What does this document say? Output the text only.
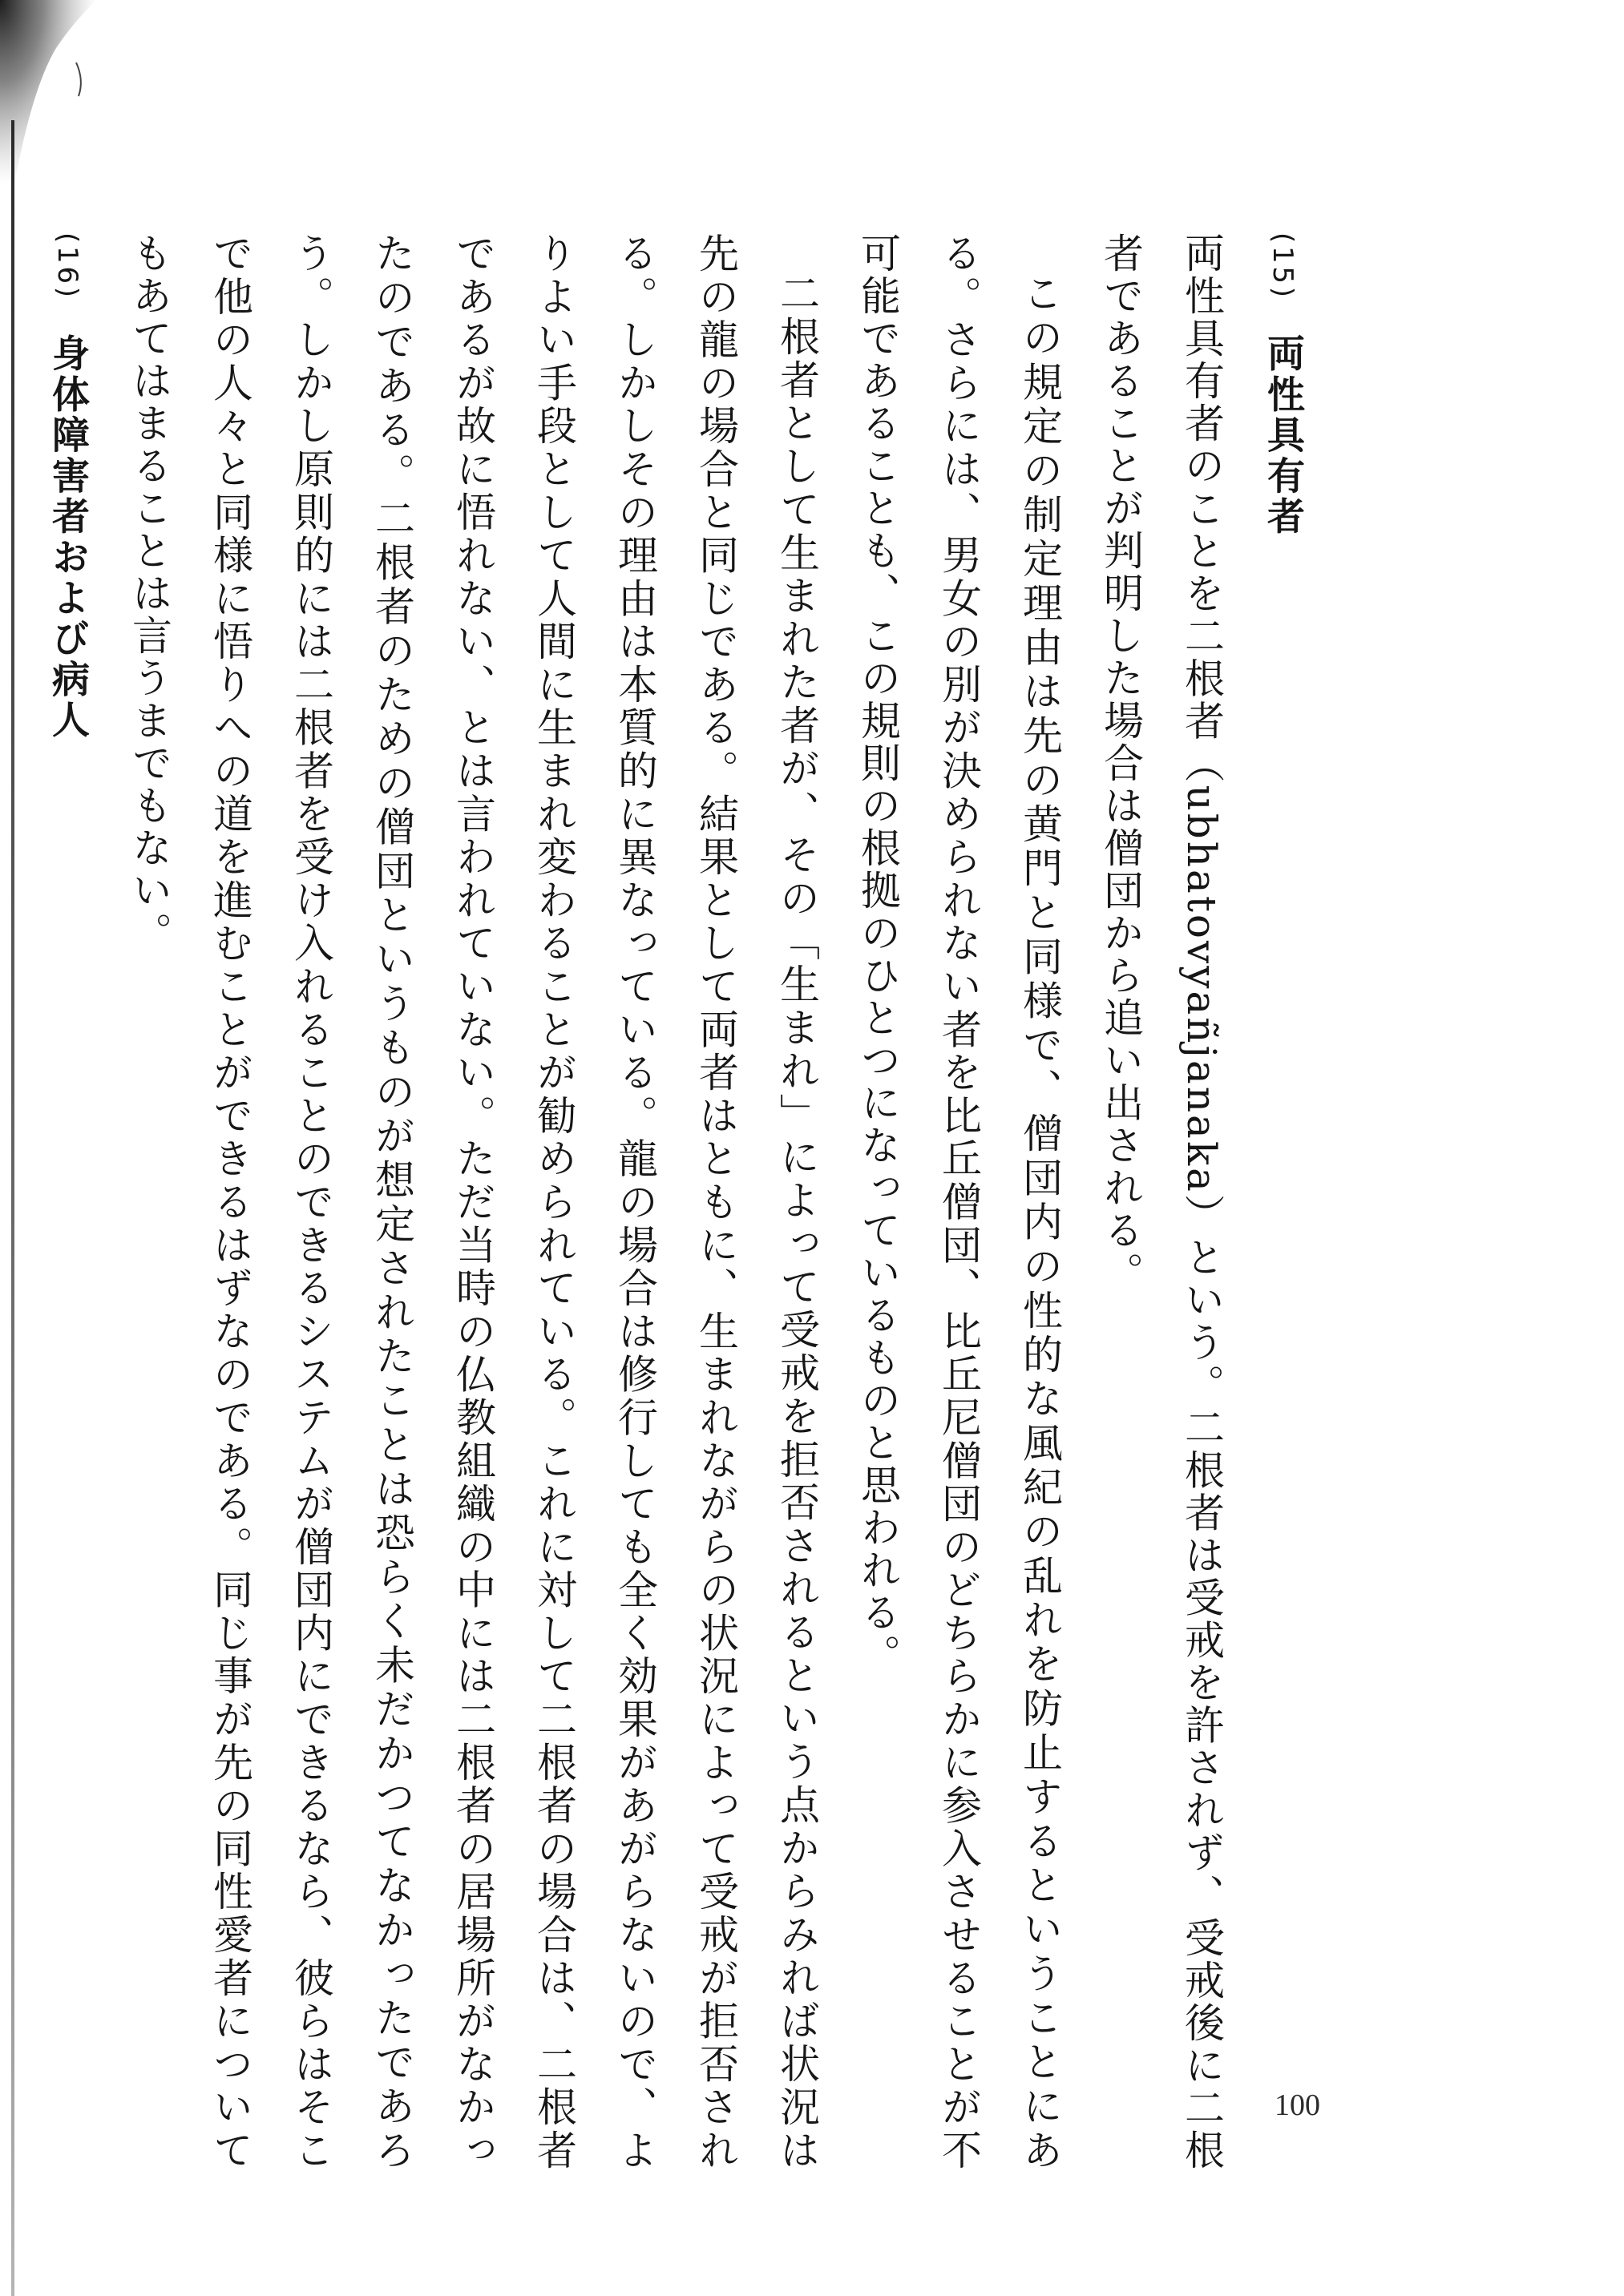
(15)両性具有者

両性具有者のことを二根者（ubhatovyañjanaka）という。二根者は受戒を許されず、受戒後に二根者であることが判明した場合は僧団から追い出される。

この規定の制定理由は先の黄門と同様で、僧団内の性的な風紀の乱れを防止するということにある。さらには、男女の別が決められない者を比丘僧団、比丘尼僧団のどちらかに参入させることが不可能であることも、この規則の根拠のひとつになっているものと思われる。

二根者として生まれた者が、その「生まれ」によって受戒を拒否されるという点からみれば状況は先の龍の場合と同じである。結果として両者はともに、生まれながらの状況によって受戒が拒否される。しかしその理由は本質的に異なっている。龍の場合は修行しても全く効果があがらないので、よりよい手段として人間に生まれ変わることが勧められている。これに対して二根者の場合は、二根者であるが故に悟れない、とは言われていない。ただ当時の仏教組織の中には二根者の居場所がなかったのである。二根者のための僧団というものが想定されたことは恐らく未だかつてなかったであろう。しかし原則的には二根者を受け入れることのできるシステムが僧団内にできるなら、彼らはそこで他の人々と同様に悟りへの道を進むことができるはずなのである。同じ事が先の同性愛者についてもあてはまることは言うまでもない。

(16)身体障害者および病人

100
